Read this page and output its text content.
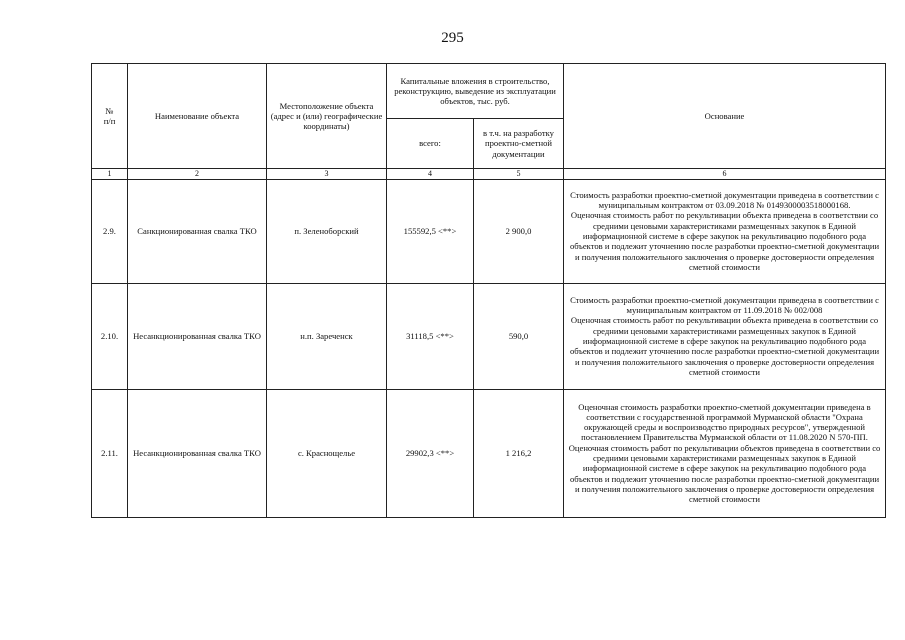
295
№
п/п	Наименование объекта	Местоположение объекта (адрес и (или) географические координаты)	Капитальные вложения в строительство, реконструкцию, выведение из эксплуатации объектов, тыс. руб.		Основание
			всего:	в т.ч. на разработку проектно-сметной документации	
1	2	3	4	5	6
2.9.	Санкционированная свалка ТКО	п. Зеленоборский	155592,5 <**>	2 900,0	Стоимость разработки проектно-сметной документации приведена в соответствии с муниципальным контрактом от 03.09.2018 № 0149300003518000168.
Оценочная стоимость работ по рекультивации объекта приведена в соответствии со средними ценовыми характеристиками размещенных закупок в Единой информационной системе в сфере закупок на рекультивацию подобного рода объектов и подлежит уточнению после разработки проектно-сметной документации и получения положительного заключения о проверке достоверности определения сметной стоимости
2.10.	Несанкционированная свалка ТКО	н.п. Зареченск	31118,5 <**>	590,0	Стоимость разработки проектно-сметной документации приведена в соответствии с муниципальным контрактом от 11.09.2018 № 002/008
Оценочная стоимость работ по рекультивации объекта приведена в соответствии со средними ценовыми характеристиками размещенных закупок в Единой информационной системе в сфере закупок на рекультивацию подобного рода объектов и подлежит уточнению после разработки проектно-сметной документации и получения положительного заключения о проверке достоверности определения сметной стоимости
2.11.	Несанкционированная свалка ТКО	с. Краснощелье	29902,3 <**>	1 216,2	Оценочная стоимость разработки проектно-сметной документации приведена в соответствии с государственной программой Мурманской области "Охрана окружающей среды и воспроизводство природных ресурсов", утвержденной постановлением Правительства Мурманской области от 11.08.2020 N 570-ПП. Оценочная стоимость работ по рекультивации объектов приведена в соответствии со средними ценовыми характеристиками размещенных закупок в Единой информационной системе в сфере закупок на рекультивацию подобного рода объектов и подлежит уточнению после разработки проектно-сметной документации и получения положительного заключения о проверке достоверности определения сметной стоимости
